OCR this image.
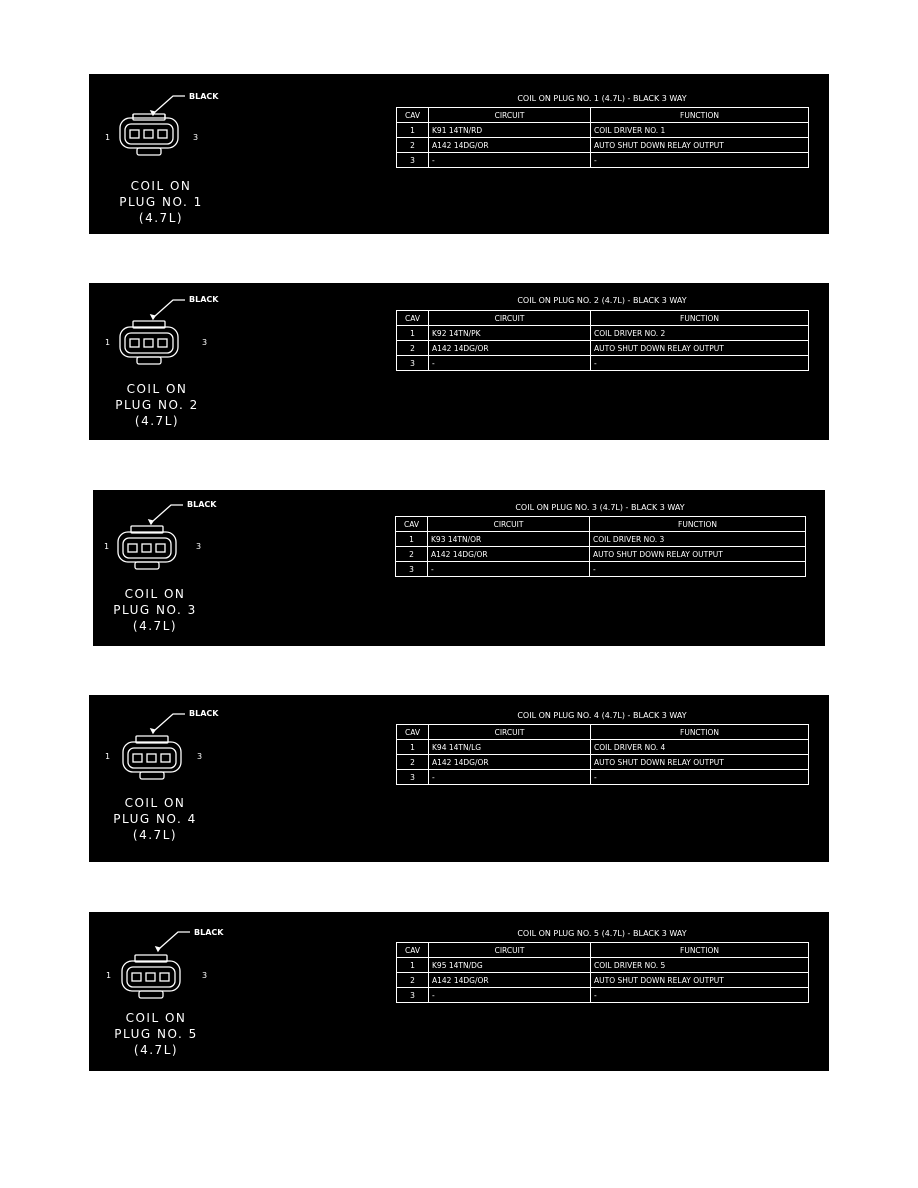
BLACK
1	3
COIL ON
PLUG NO. 1
(4.7L)
COIL ON PLUG NO. 1 (4.7L) - BLACK 3 WAY
CAV	CIRCUIT	FUNCTION
1	K91 14TN/RD	COIL DRIVER NO. 1
2	A142 14DG/OR	AUTO SHUT DOWN RELAY OUTPUT
3	-	-
BLACK
1	3
COIL ON
PLUG NO. 2
(4.7L)
COIL ON PLUG NO. 2 (4.7L) - BLACK 3 WAY
CAV	CIRCUIT	FUNCTION
1	K92 14TN/PK	COIL DRIVER NO. 2
2	A142 14DG/OR	AUTO SHUT DOWN RELAY OUTPUT
3	-	-
BLACK
1	3
COIL ON
PLUG NO. 3
(4.7L)
COIL ON PLUG NO. 3 (4.7L) - BLACK 3 WAY
CAV	CIRCUIT	FUNCTION
1	K93 14TN/OR	COIL DRIVER NO. 3
2	A142 14DG/OR	AUTO SHUT DOWN RELAY OUTPUT
3	-	-
BLACK
1	3
COIL ON
PLUG NO. 4
(4.7L)
COIL ON PLUG NO. 4 (4.7L) - BLACK 3 WAY
CAV	CIRCUIT	FUNCTION
1	K94 14TN/LG	COIL DRIVER NO. 4
2	A142 14DG/OR	AUTO SHUT DOWN RELAY OUTPUT
3	-	-
BLACK
1	3
COIL ON
PLUG NO. 5
(4.7L)
COIL ON PLUG NO. 5 (4.7L) - BLACK 3 WAY
CAV	CIRCUIT	FUNCTION
1	K95 14TN/DG	COIL DRIVER NO. 5
2	A142 14DG/OR	AUTO SHUT DOWN RELAY OUTPUT
3	-	-
